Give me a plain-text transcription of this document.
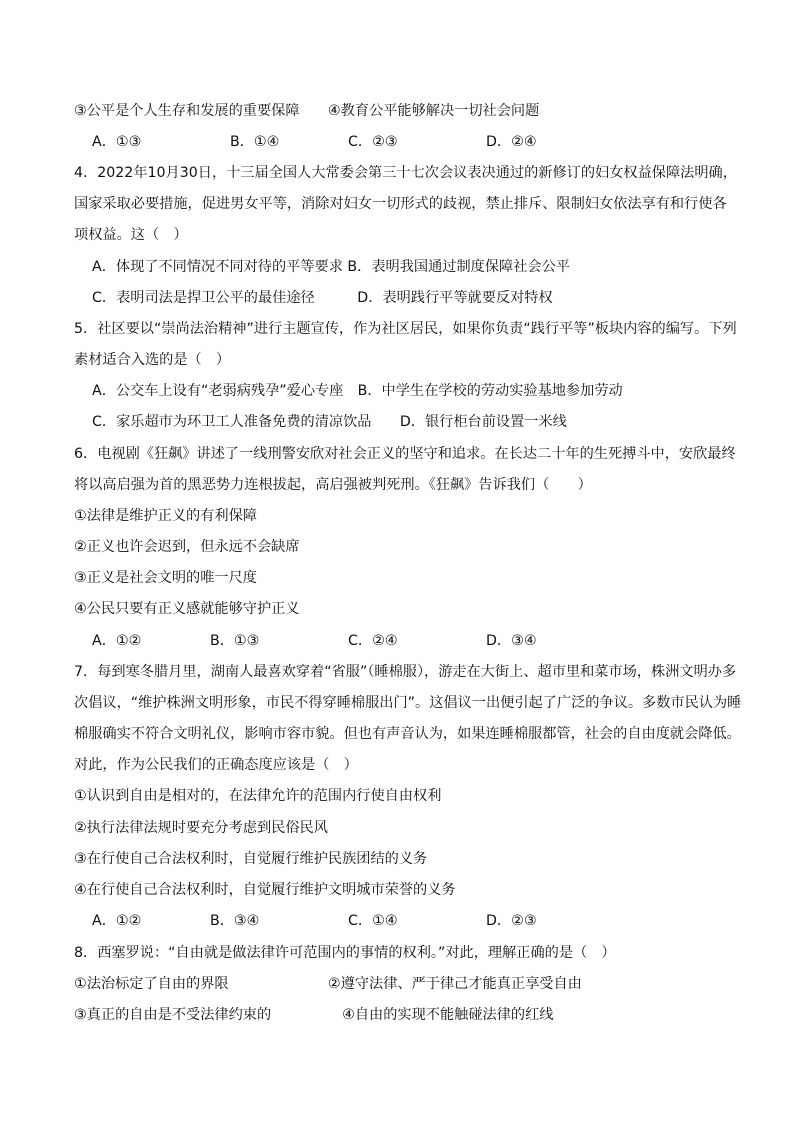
③公平是个人生存和发展的重要保障　　④教育公平能够解决一切社会问题
A．①③	B．①④	C．②③	D．②④
4．2022年10月30日，十三届全国人大常委会第三十七次会议表决通过的新修订的妇女权益保障法明确，
国家采取必要措施，促进男女平等，消除对妇女一切形式的歧视，禁止排斥、限制妇女依法享有和行使各
项权益。这（　）
A．体现了不同情况不同对待的平等要求 B．表明我国通过制度保障社会公平
C．表明司法是捍卫公平的最佳途径　　　D．表明践行平等就要反对特权
5．社区要以“崇尚法治精神”进行主题宣传，作为社区居民，如果你负责“践行平等”板块内容的编写。下列
素材适合入选的是（　）
A．公交车上设有“老弱病残孕”爱心专座　B．中学生在学校的劳动实验基地参加劳动
C．家乐超市为环卫工人准备免费的清凉饮品　　D．银行柜台前设置一米线
6．电视剧《狂飙》讲述了一线刑警安欣对社会正义的坚守和追求。在长达二十年的生死搏斗中，安欣最终
将以高启强为首的黑恶势力连根拔起，高启强被判死刑。《狂飙》告诉我们（　　）
①法律是维护正义的有利保障
②正义也许会迟到，但永远不会缺席
③正义是社会文明的唯一尺度
④公民只要有正义感就能够守护正义
A．①②	B．①③	C．②④	D．③④
7．每到寒冬腊月里，湖南人最喜欢穿着“省服”（睡棉服），游走在大街上、超市里和菜市场，株洲文明办多
次倡议，“维护株洲文明形象，市民不得穿睡棉服出门”。这倡议一出便引起了广泛的争议。多数市民认为睡
棉服确实不符合文明礼仪，影响市容市貌。但也有声音认为，如果连睡棉服都管，社会的自由度就会降低。
对此，作为公民我们的正确态度应该是（　）
①认识到自由是相对的，在法律允许的范围内行使自由权利
②执行法律法规时要充分考虑到民俗民风
③在行使自己合法权利时，自觉履行维护民族团结的义务
④在行使自己合法权利时，自觉履行维护文明城市荣誉的义务
A．①②	B．③④	C．①④	D．②③
8．西塞罗说：“自由就是做法律许可范围内的事情的权利。”对此，理解正确的是（　）
①法治标定了自由的界限　　　　　　　②遵守法律、严于律己才能真正享受自由
③真正的自由是不受法律约束的　　　　　④自由的实现不能触碰法律的红线
